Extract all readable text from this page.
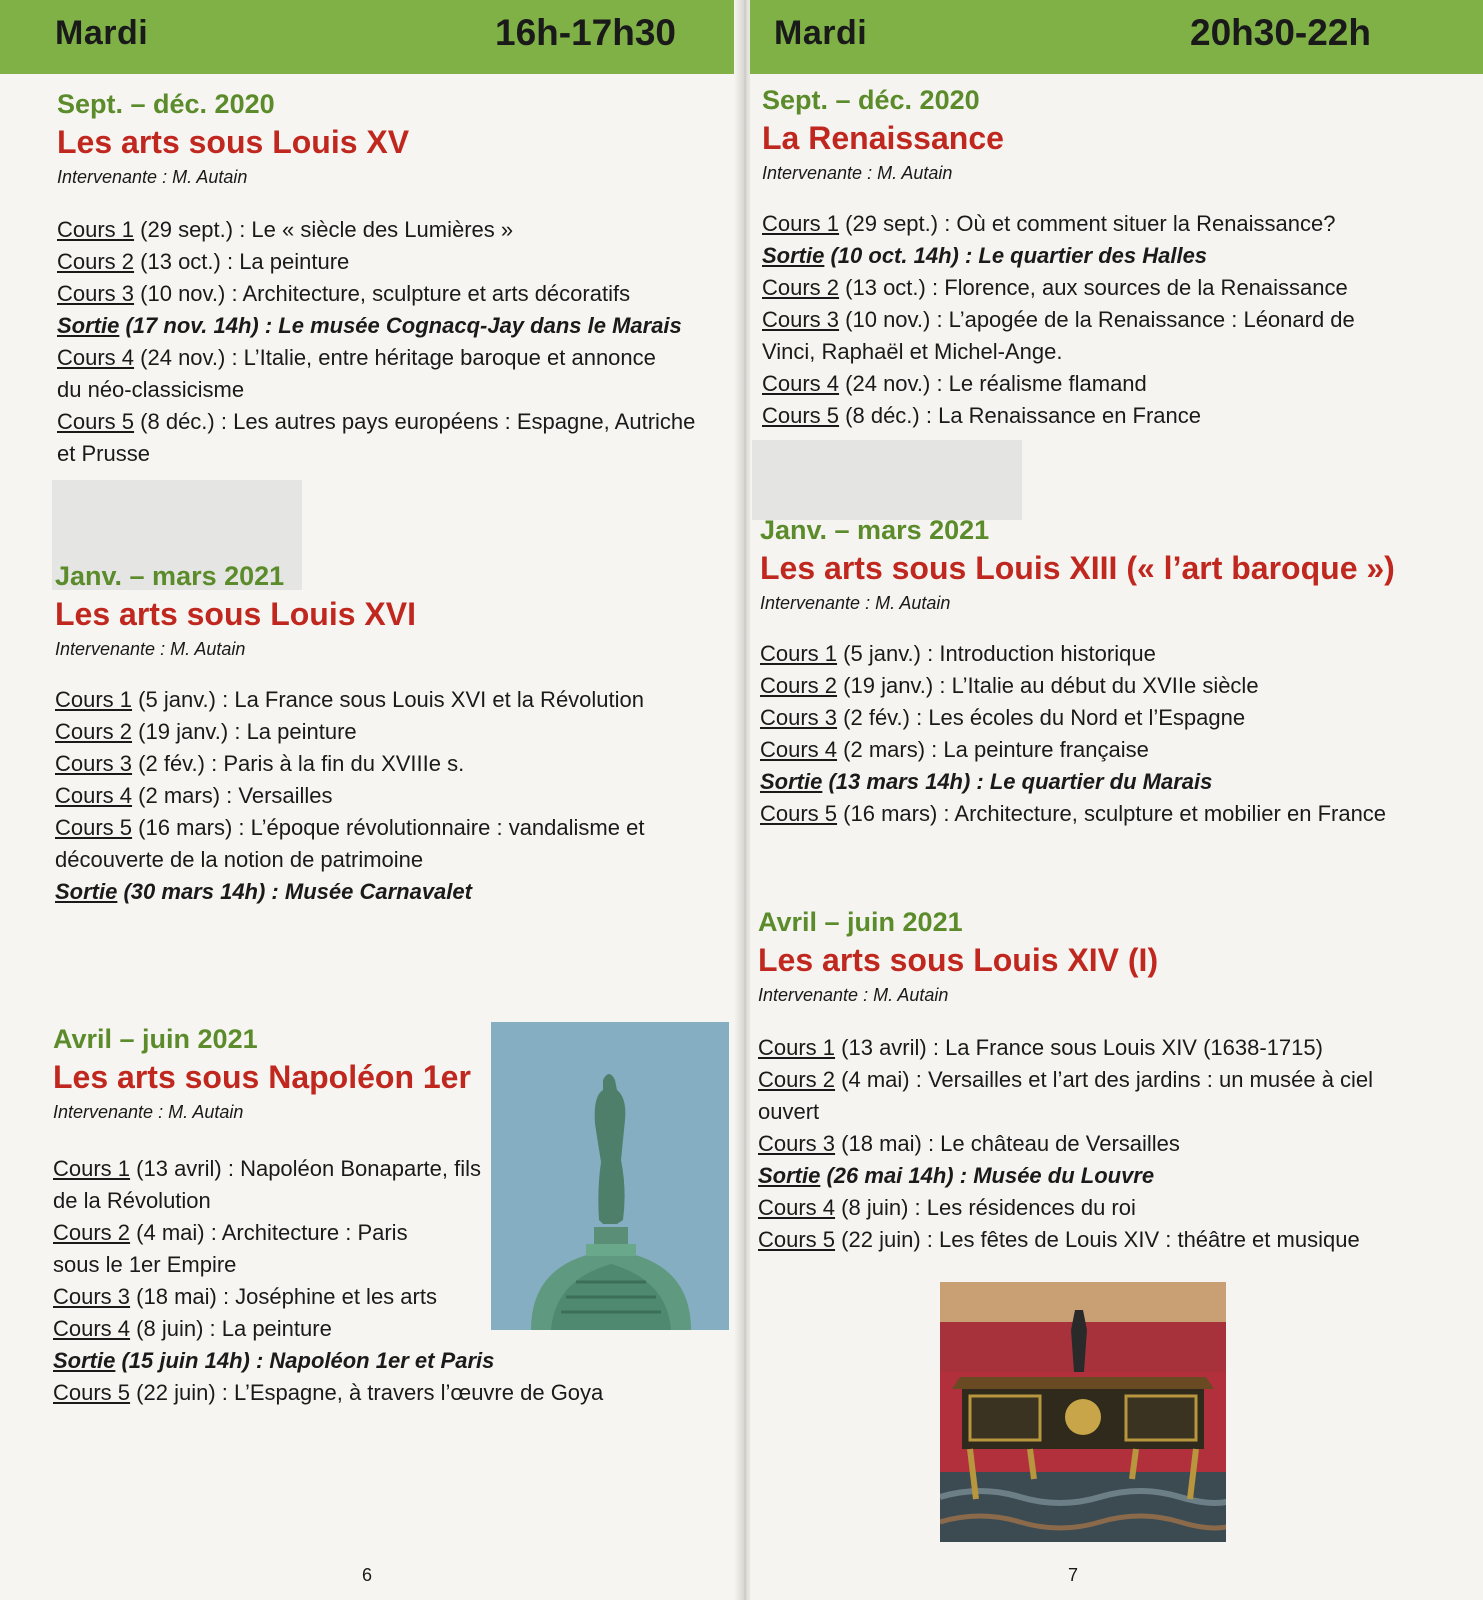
Mardi	16h-17h30
Sept. – déc. 2020
Les arts sous Louis XV
Intervenante : M. Autain
Cours 1 (29 sept.) : Le « siècle des Lumières »
Cours 2 (13 oct.) : La peinture
Cours 3 (10 nov.) : Architecture, sculpture et arts décoratifs
Sortie (17 nov. 14h) : Le musée Cognacq-Jay dans le Marais
Cours 4 (24 nov.) : L’Italie, entre héritage baroque et annonce du néo-classicisme
Cours 5 (8 déc.) : Les autres pays européens : Espagne, Autriche et Prusse
Janv. – mars 2021
Les arts sous Louis XVI
Intervenante : M. Autain
Cours 1 (5 janv.) : La France sous Louis XVI et la Révolution
Cours 2 (19 janv.) : La peinture
Cours 3 (2 fév.) : Paris à la fin du XVIIIe s.
Cours 4 (2 mars) : Versailles
Cours 5 (16 mars) : L’époque révolutionnaire : vandalisme et découverte de la notion de patrimoine
Sortie (30 mars 14h) : Musée Carnavalet
Avril – juin 2021
Les arts sous Napoléon 1er
Intervenante : M. Autain
Cours 1 (13 avril) : Napoléon Bonaparte, fils de la Révolution
Cours 2 (4 mai) : Architecture : Paris sous le 1er Empire
Cours 3 (18 mai) : Joséphine et les arts
Cours 4 (8 juin) : La peinture
Sortie (15 juin 14h) : Napoléon 1er et Paris
Cours 5 (22 juin) : L’Espagne, à travers l’œuvre de Goya
6
Mardi	20h30-22h
Sept. – déc. 2020
La Renaissance
Intervenante : M. Autain
Cours 1 (29 sept.) : Où et comment situer la Renaissance?
Sortie (10 oct. 14h) : Le quartier des Halles
Cours 2 (13 oct.) : Florence, aux sources de la Renaissance
Cours 3 (10 nov.) : L’apogée de la Renaissance : Léonard de Vinci, Raphaël et Michel-Ange.
Cours 4 (24 nov.) : Le réalisme flamand
Cours 5 (8 déc.) : La Renaissance en France
Janv. – mars 2021
Les arts sous Louis XIII (« l’art baroque »)
Intervenante : M. Autain
Cours 1 (5 janv.) : Introduction historique
Cours 2 (19 janv.) : L’Italie au début du XVIIe siècle
Cours 3 (2 fév.) : Les écoles du Nord et l’Espagne
Cours 4 (2 mars) : La peinture française
Sortie (13 mars 14h) : Le quartier du Marais
Cours 5 (16 mars) : Architecture, sculpture et mobilier en France
Avril – juin 2021
Les arts sous Louis XIV (I)
Intervenante : M. Autain
Cours 1 (13 avril) : La France sous Louis XIV (1638-1715)
Cours 2 (4 mai) : Versailles et l’art des jardins : un musée à ciel ouvert
Cours 3 (18 mai) : Le château de Versailles
Sortie (26 mai 14h) : Musée du Louvre
Cours 4 (8 juin) : Les résidences du roi
Cours 5 (22 juin) : Les fêtes de Louis XIV : théâtre et musique
7
